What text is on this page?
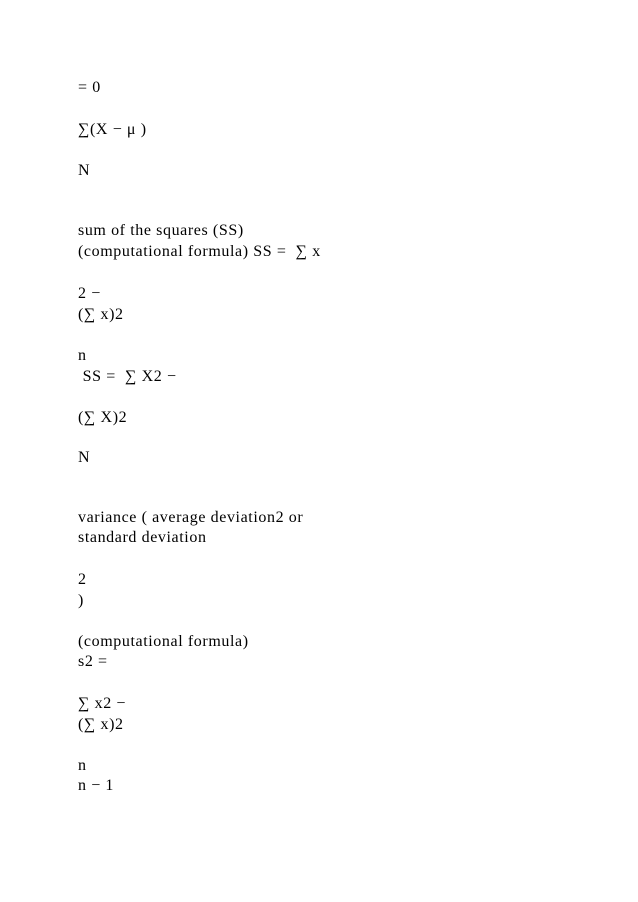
= 0
∑(X − μ )
N
sum of the squares (SS)
(computational formula) SS =  ∑ x
2 −
(∑ x)2
n
SS =  ∑ X2 −
(∑ X)2
N
variance ( average deviation2 or
standard deviation
2
)
(computational formula)
s2 =
∑ x2 −
(∑ x)2
n
n − 1
